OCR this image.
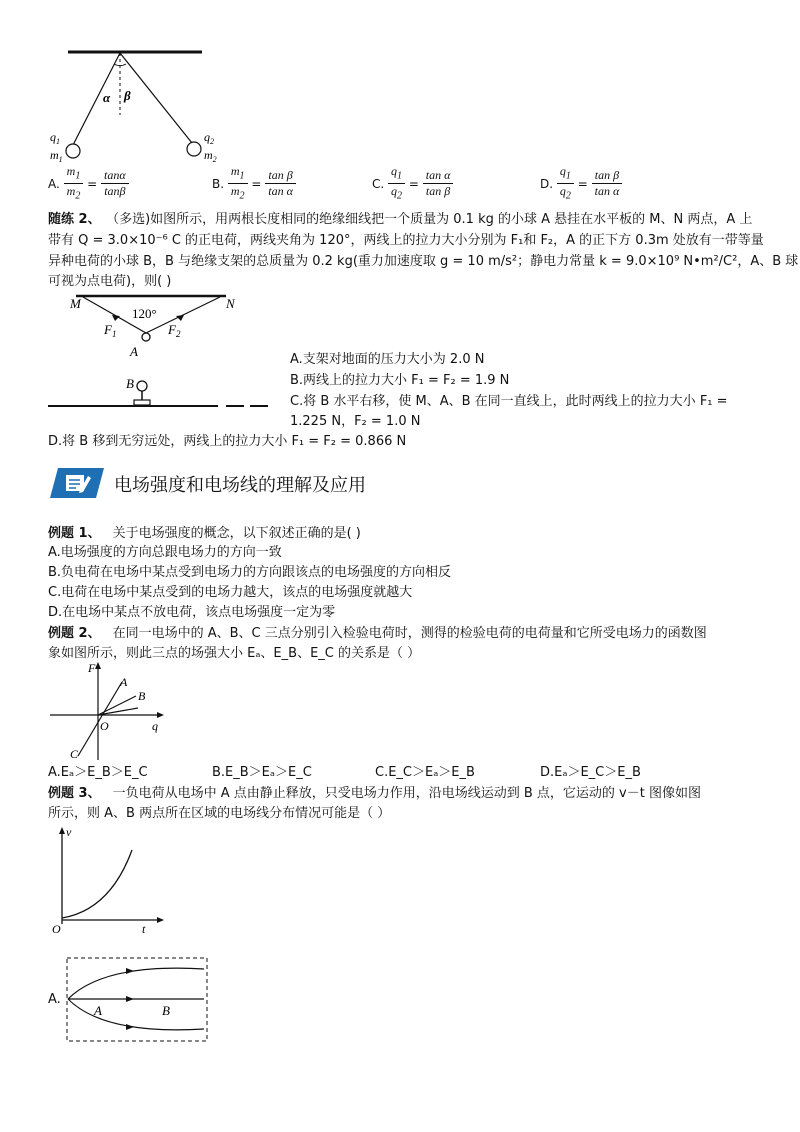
α β
$q_1$
$m_1$
$q_2$
$m_2$
A. $\frac{m_1}{m_2} = \frac{\tan\alpha}{\tan\beta}$	B. $\frac{m_1}{m_2} = \frac{\text{tan β}}{\text{tan α}}$	C. $\frac{q_1}{q_2} = \frac{\text{tan α}}{\text{tan β}}$	D. $\frac{q_1}{q_2} = \frac{\text{tan β}}{\text{tan α}}$
随练 2、 （多选)如图所示，用两根长度相同的绝缘细线把一个质量为 0.1 kg 的小球 A 悬挂在水平板的 M、N 两点，A 上
带有 Q = 3.0×10⁻⁶ C 的正电荷，两线夹角为 120°，两线上的拉力大小分别为 F₁和 F₂，A 的正下方 0.3m 处放有一带等量
异种电荷的小球 B，B 与绝缘支架的总质量为 0.2 kg(重力加速度取 g = 10 m/s²；静电力常量 k = 9.0×10⁹ N•m²/C²，A、B 球
可视为点电荷)，则( )
M	N
120°
$F_1$	$F_2$
A
B
A.支架对地面的压力大小为 2.0 N
B.两线上的拉力大小 F₁ = F₂ = 1.9 N
C.将 B 水平右移，使 M、A、B 在同一直线上，此时两线上的拉力大小 F₁ =
1.225 N，F₂ = 1.0 N
D.将 B 移到无穷远处，两线上的拉力大小 F₁ = F₂ = 0.866 N
电场强度和电场线的理解及应用
例题 1、 关于电场强度的概念，以下叙述正确的是( )
A.电场强度的方向总跟电场力的方向一致
B.负电荷在电场中某点受到电场力的方向跟该点的电场强度的方向相反
C.电荷在电场中某点受到的电场力越大，该点的电场强度就越大
D.在电场中某点不放电荷，该点电场强度一定为零
例题 2、 在同一电场中的 A、B、C 三点分别引入检验电荷时，测得的检验电荷的电荷量和它所受电场力的函数图
象如图所示，则此三点的场强大小 Eₐ、E_B、E_C 的关系是（ ）
F
q
O
A
B
C
A.Eₐ＞E_B＞E_C	B.E_B＞Eₐ＞E_C	C.E_C＞Eₐ＞E_B	D.Eₐ＞E_C＞E_B
例题 3、 一负电荷从电场中 A 点由静止释放，只受电场力作用，沿电场线运动到 B 点，它运动的 v－t 图像如图
所示，则 A、B 两点所在区域的电场线分布情况可能是（ ）
v
t
O
A.
A	B
